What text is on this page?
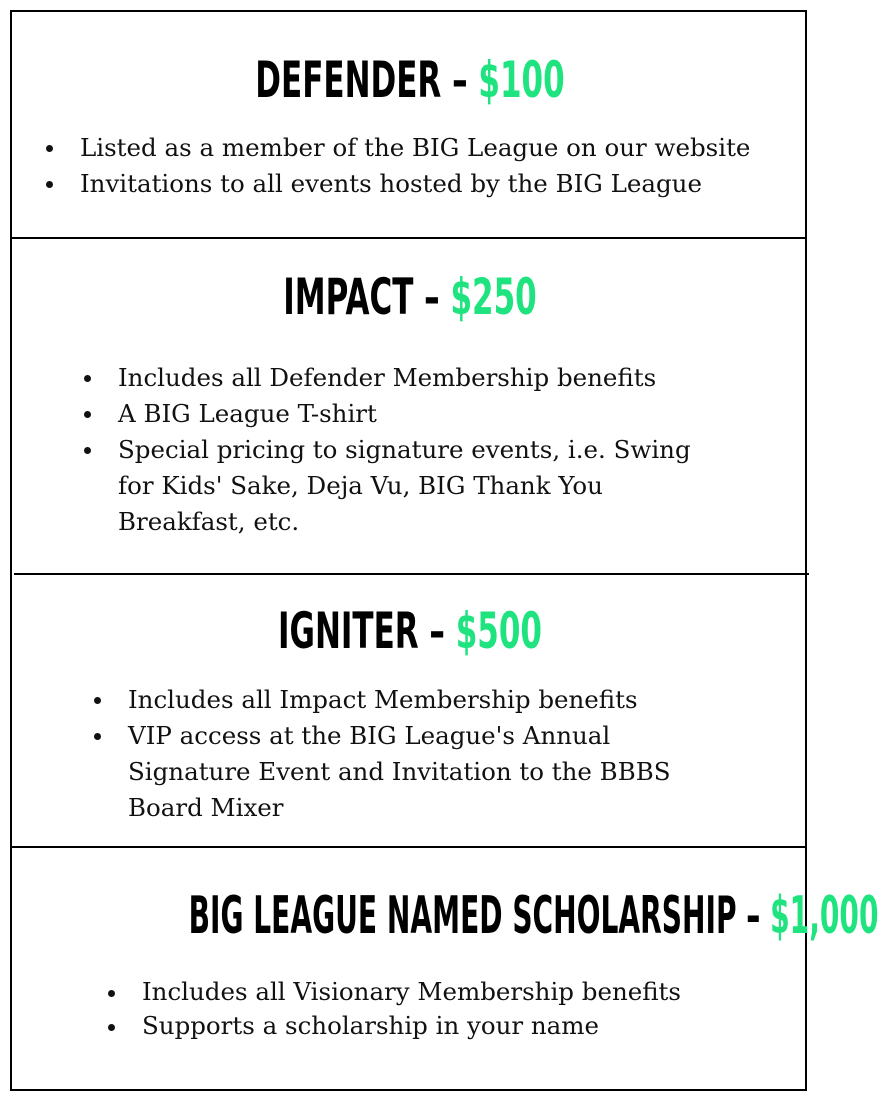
DEFENDER – $100
Listed as a member of the BIG League on our website
Invitations to all events hosted by the BIG League
IMPACT – $250
Includes all Defender Membership benefits
A BIG League T-shirt
Special pricing to signature events, i.e. Swing for Kids' Sake, Deja Vu, BIG Thank You Breakfast, etc.
IGNITER – $500
Includes all Impact Membership benefits
VIP access at the BIG League's Annual Signature Event and Invitation to the BBBS Board Mixer
BIG LEAGUE NAMED SCHOLARSHIP – $1,000
Includes all Visionary Membership benefits
Supports a scholarship in your name
